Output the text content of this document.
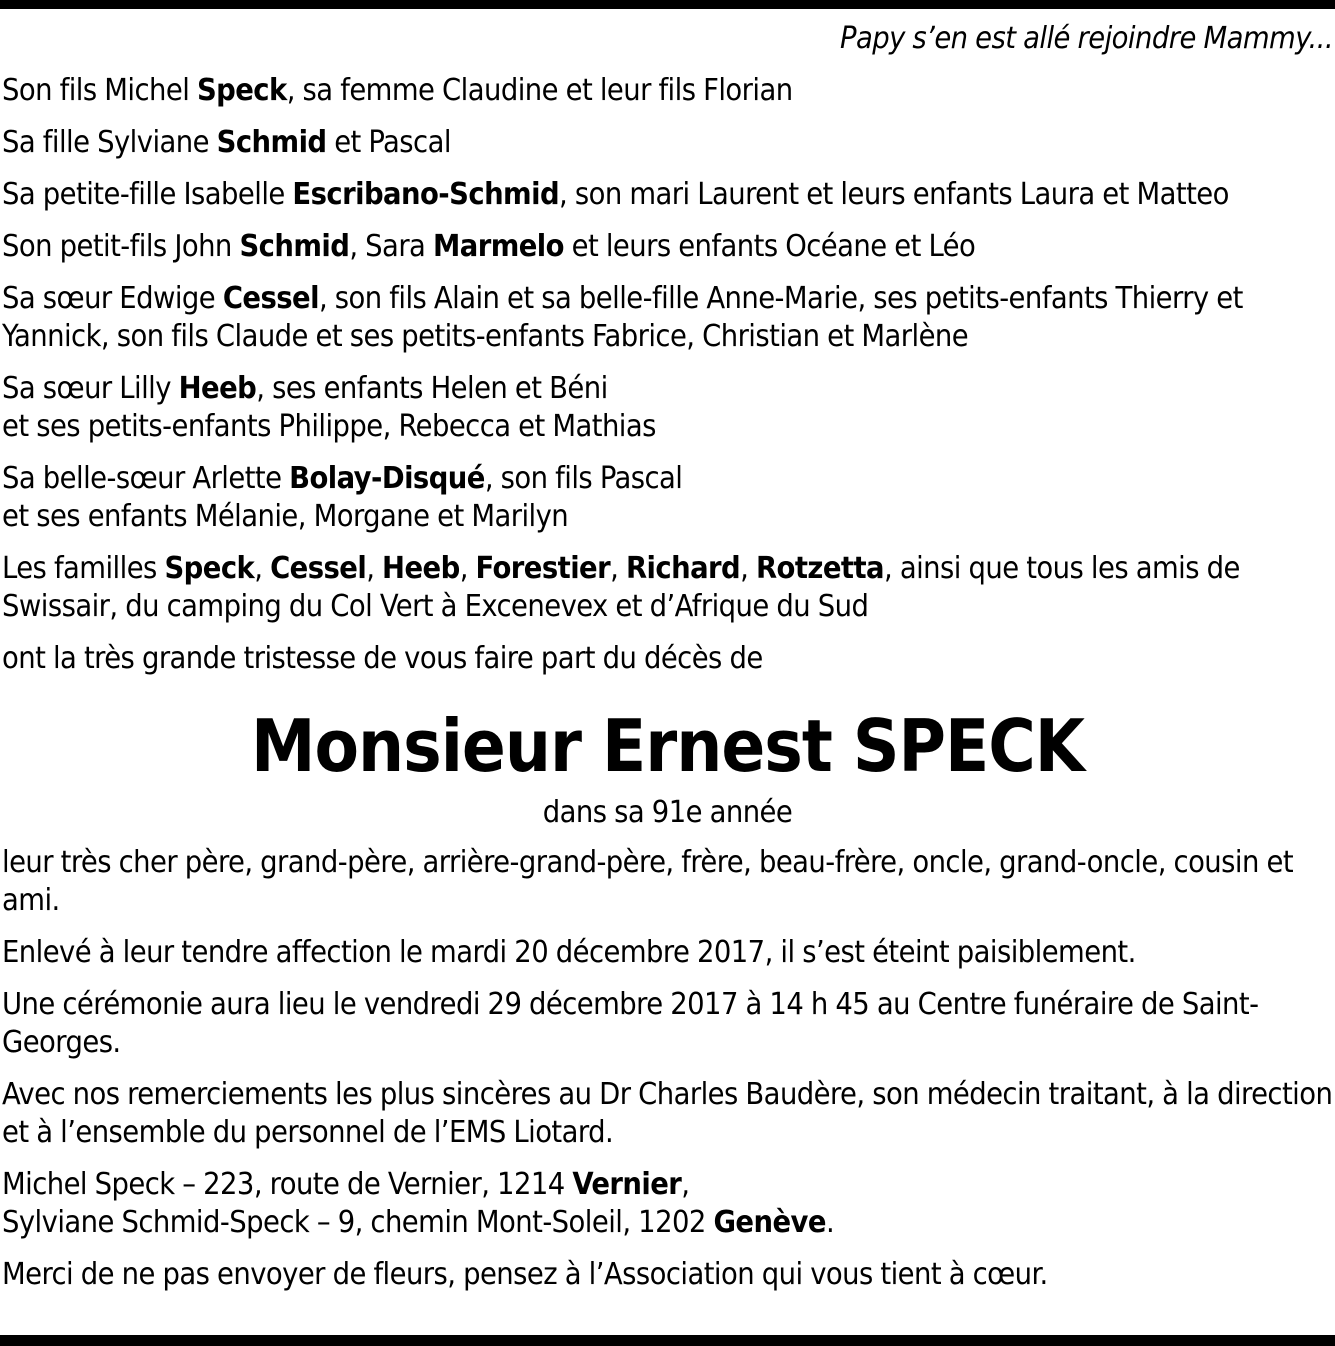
Papy s’en est allé rejoindre Mammy...

Son fils Michel Speck, sa femme Claudine et leur fils Florian

Sa fille Sylviane Schmid et Pascal

Sa petite-fille Isabelle Escribano-Schmid, son mari Laurent et leurs enfants Laura et Matteo

Son petit-fils John Schmid, Sara Marmelo et leurs enfants Océane et Léo

Sa sœur Edwige Cessel, son fils Alain et sa belle-fille Anne-Marie, ses petits-enfants Thierry et Yannick, son fils Claude et ses petits-enfants Fabrice, Christian et Marlène

Sa sœur Lilly Heeb, ses enfants Helen et Béni
et ses petits-enfants Philippe, Rebecca et Mathias

Sa belle-sœur Arlette Bolay-Disqué, son fils Pascal
et ses enfants Mélanie, Morgane et Marilyn

Les familles Speck, Cessel, Heeb, Forestier, Richard, Rotzetta, ainsi que tous les amis de Swissair, du camping du Col Vert à Excenevex et d’Afrique du Sud

ont la très grande tristesse de vous faire part du décès de

Monsieur Ernest SPECK

dans sa 91e année

leur très cher père, grand-père, arrière-grand-père, frère, beau-frère, oncle, grand-oncle, cousin et ami.

Enlevé à leur tendre affection le mardi 20 décembre 2017, il s’est éteint paisiblement.

Une cérémonie aura lieu le vendredi 29 décembre 2017 à 14 h 45 au Centre funéraire de Saint-Georges.

Avec nos remerciements les plus sincères au Dr Charles Baudère, son médecin traitant, à la direction et à l’ensemble du personnel de l’EMS Liotard.

Michel Speck – 223, route de Vernier, 1214 Vernier,
Sylviane Schmid-Speck – 9, chemin Mont-Soleil, 1202 Genève.

Merci de ne pas envoyer de fleurs, pensez à l’Association qui vous tient à cœur.
